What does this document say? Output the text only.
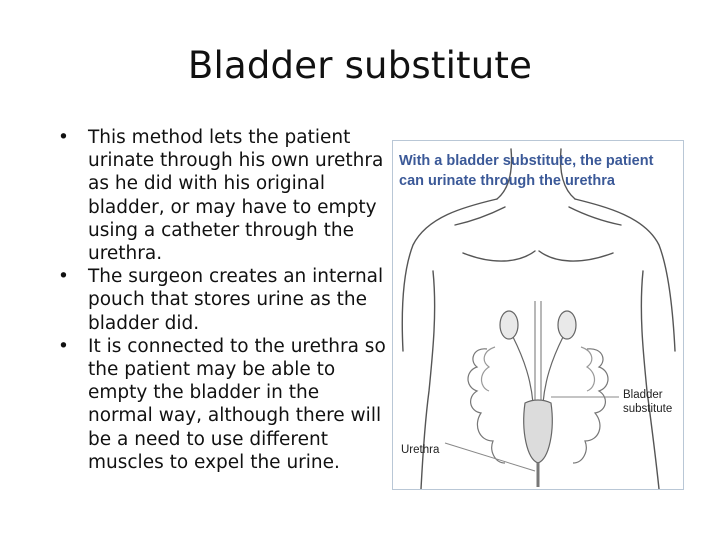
Bladder substitute
• This method lets the patient urinate through his own urethra as he did with his original bladder, or may have to empty using a catheter through the urethra.
• The surgeon creates an internal pouch that stores urine as the bladder did.
• It is connected to the urethra so the patient may be able to empty the bladder in the normal way, although there will be a need to use different muscles to expel the urine.
With a bladder substitute, the patient can urinate through the urethra
Bladder
substitute
Urethra
